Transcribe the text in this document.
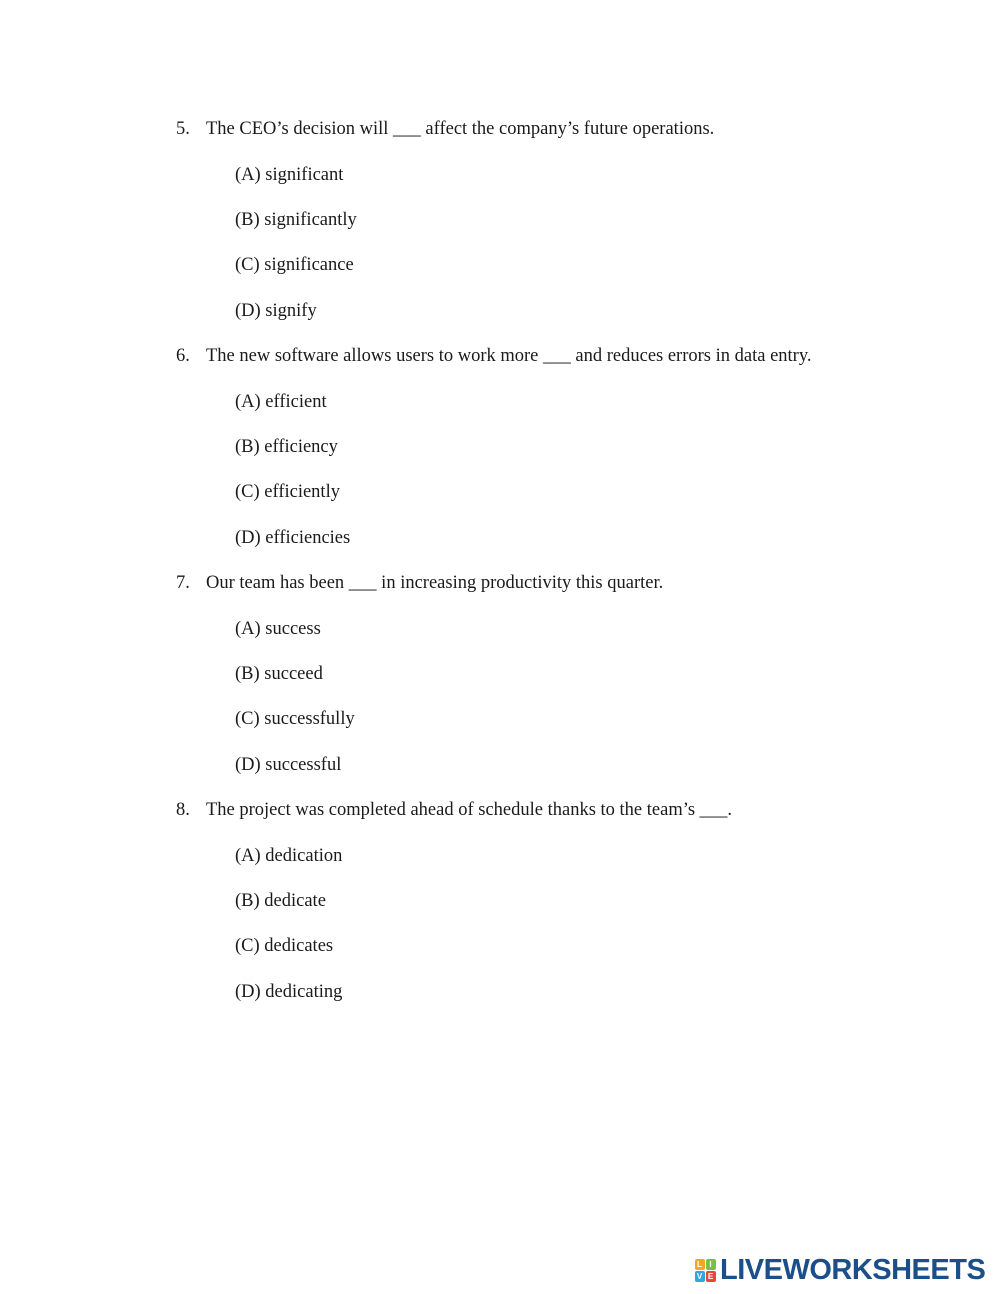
5. The CEO’s decision will ___ affect the company’s future operations.
(A) significant
(B) significantly
(C) significance
(D) signify
6. The new software allows users to work more ___ and reduces errors in data entry.
(A) efficient
(B) efficiency
(C) efficiently
(D) efficiencies
7. Our team has been ___ in increasing productivity this quarter.
(A) success
(B) succeed
(C) successfully
(D) successful
8. The project was completed ahead of schedule thanks to the team’s ___.
(A) dedication
(B) dedicate
(C) dedicates
(D) dedicating
L I
V E LIVEWORKSHEETS
